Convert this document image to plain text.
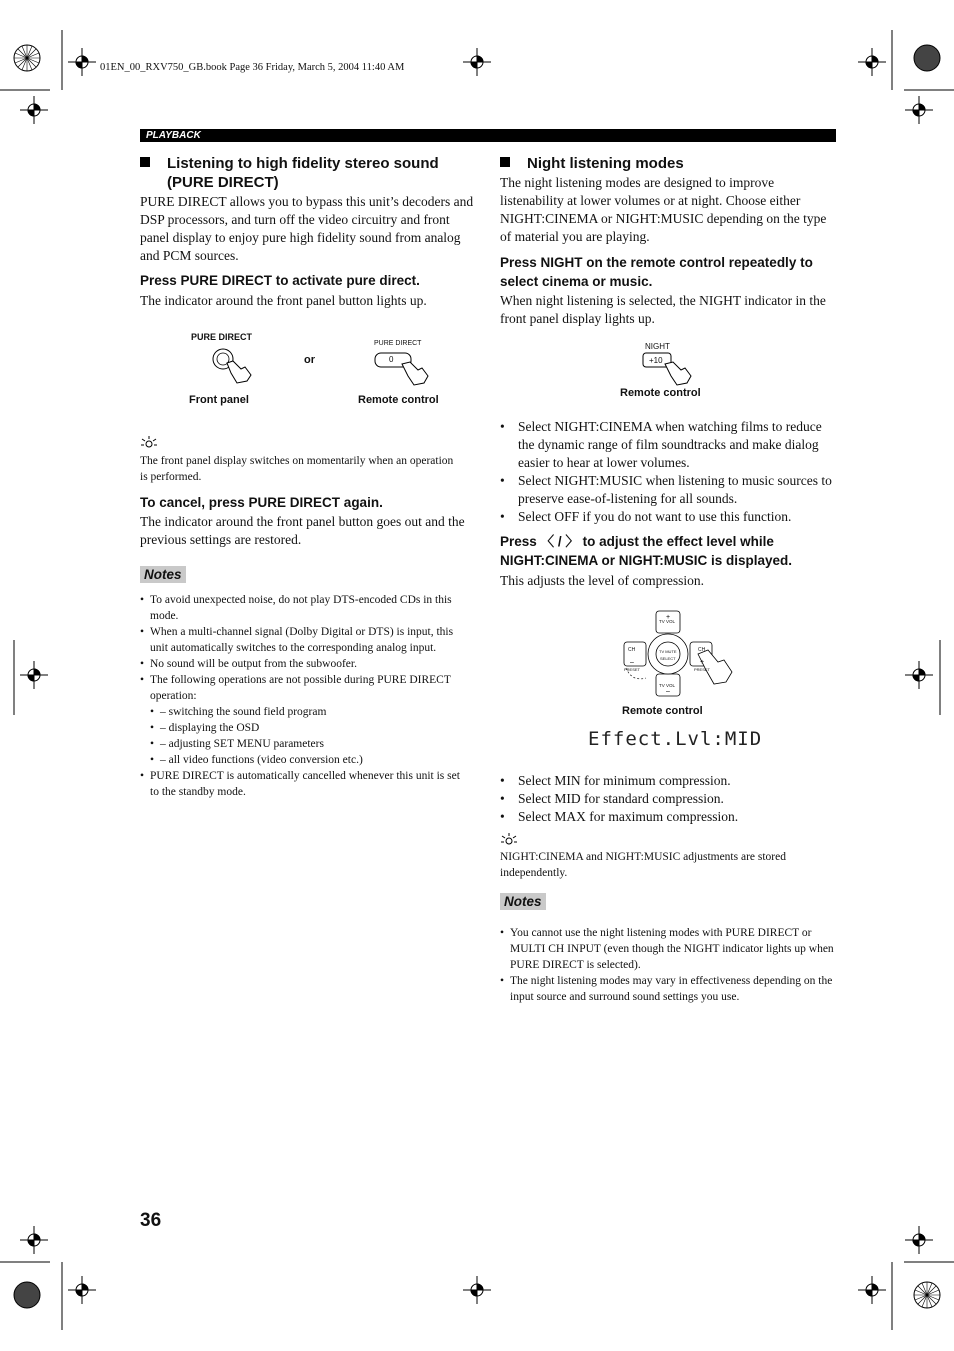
01EN_00_RXV750_GB.book Page 36 Friday, March 5, 2004 11:40 AM
PLAYBACK
Listening to high fidelity stereo sound
(PURE DIRECT)
PURE DIRECT allows you to bypass this unit’s decoders and DSP processors, and turn off the video circuitry and front panel display to enjoy pure high fidelity sound from analog and PCM sources.
Press PURE DIRECT to activate pure direct.
The indicator around the front panel button lights up.
PURE DIRECT
or
PURE DIRECT
0
Front panel	Remote control
The front panel display switches on momentarily when an operation is performed.
To cancel, press PURE DIRECT again.
The indicator around the front panel button goes out and the previous settings are restored.
Notes
• To avoid unexpected noise, do not play DTS-encoded CDs in this mode.
• When a multi-channel signal (Dolby Digital or DTS) is input, this unit automatically switches to the corresponding analog input.
• No sound will be output from the subwoofer.
• The following operations are not possible during PURE DIRECT operation:
• – switching the sound field program
• – displaying the OSD
• – adjusting SET MENU parameters
• – all video functions (video conversion etc.)
• PURE DIRECT is automatically cancelled whenever this unit is set to the standby mode.
Night listening modes
The night listening modes are designed to improve listenability at lower volumes or at night. Choose either NIGHT:CINEMA or NIGHT:MUSIC depending on the type of material you are playing.
Press NIGHT on the remote control repeatedly to
select cinema or music.
When night listening is selected, the NIGHT indicator in the front panel display lights up.
NIGHT
+10
Remote control
• Select NIGHT:CINEMA when watching films to reduce the dynamic range of film soundtracks and make dialog easier to hear at lower volumes.
• Select NIGHT:MUSIC when listening to music sources to preserve ease-of-listening for all sounds.
• Select OFF if you do not want to use this function.
Press 〈 / 〉 to adjust the effect level while
NIGHT:CINEMA or NIGHT:MUSIC is displayed.
This adjusts the level of compression.
+
–
–	+
TV VOL
TV VOL
CH	CH
TV MUTE
SELECT
PRESET	PRESET
Remote control
Effect.Lvl:MID
• Select MIN for minimum compression.
• Select MID for standard compression.
• Select MAX for maximum compression.
NIGHT:CINEMA and NIGHT:MUSIC adjustments are stored independently.
Notes
• You cannot use the night listening modes with PURE DIRECT or MULTI CH INPUT (even though the NIGHT indicator lights up when PURE DIRECT is selected).
• The night listening modes may vary in effectiveness depending on the input source and surround sound settings you use.
36
